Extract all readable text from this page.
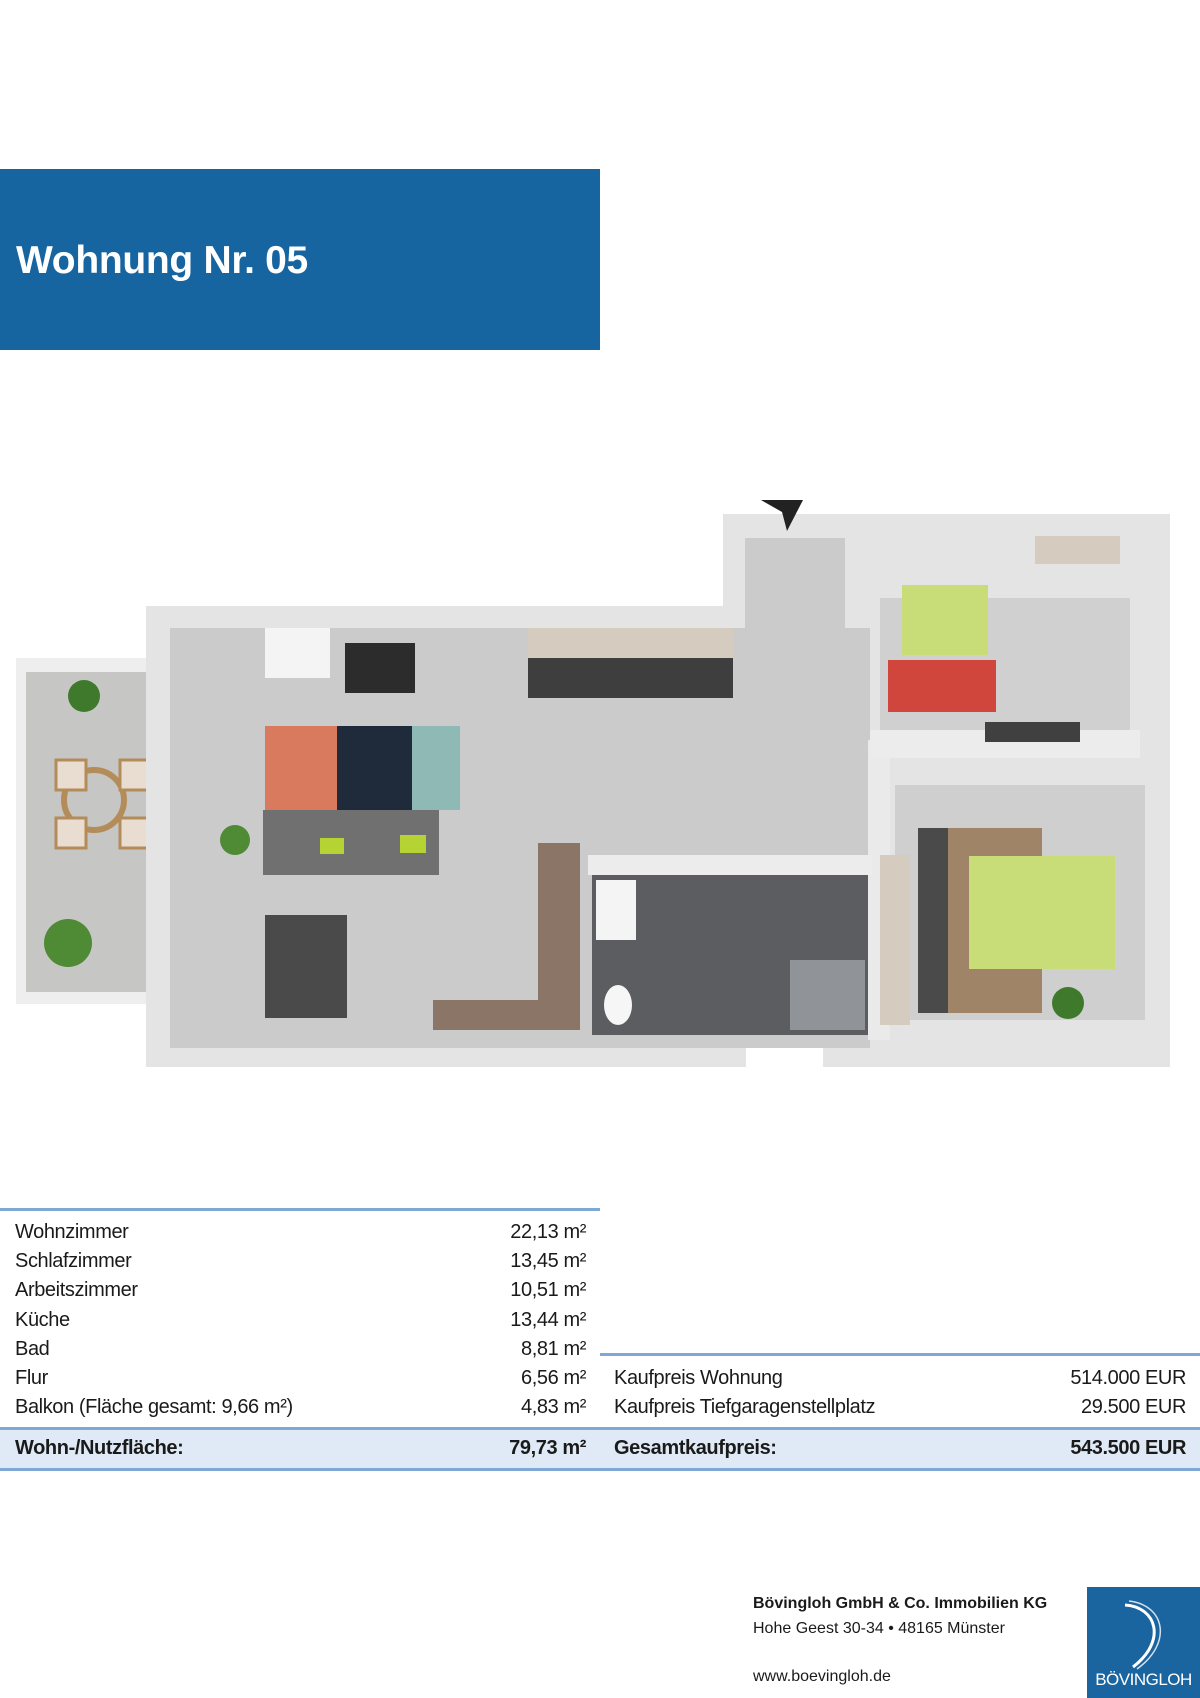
Wohnung Nr. 05
Wohnzimmer	22,13 m²
Schlafzimmer	13,45 m²
Arbeitszimmer	10,51 m²
Küche	13,44 m²
Bad	8,81 m²
Flur	6,56 m²
Balkon (Fläche gesamt: 9,66 m²)	4,83 m²
Kaufpreis Wohnung	514.000 EUR
Kaufpreis Tiefgaragenstellplatz	29.500 EUR
Wohn-/Nutzfläche:	79,73 m² Gesamtkaufpreis:	543.500 EUR
Bövingloh GmbH & Co. Immobilien KG
Hohe Geest 30-34 • 48165 Münster
www.boevingloh.de	BÖVINGLOH
